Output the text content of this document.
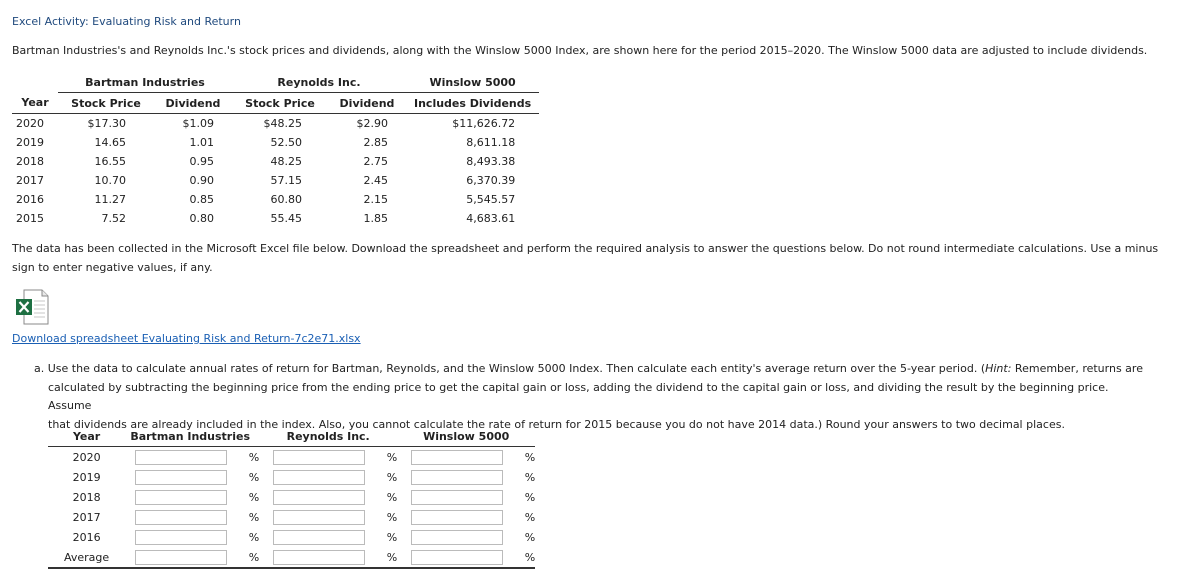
Excel Activity: Evaluating Risk and Return
Bartman Industries's and Reynolds Inc.'s stock prices and dividends, along with the Winslow 5000 Index, are shown here for the period 2015–2020. The Winslow 5000 data are adjusted to include dividends.
	Bartman Industries		Reynolds Inc.		Winslow 5000
Year	Stock Price	Dividend	Stock Price	Dividend	Includes Dividends
2020	$17.30	$1.09	$48.25	$2.90	$11,626.72
2019	14.65	1.01	52.50	2.85	8,611.18
2018	16.55	0.95	48.25	2.75	8,493.38
2017	10.70	0.90	57.15	2.45	6,370.39
2016	11.27	0.85	60.80	2.15	5,545.57
2015	7.52	0.80	55.45	1.85	4,683.61
The data has been collected in the Microsoft Excel file below. Download the spreadsheet and perform the required analysis to answer the questions below. Do not round intermediate calculations. Use a minus
sign to enter negative values, if any.
Download spreadsheet Evaluating Risk and Return-7c2e71.xlsx
a. Use the data to calculate annual rates of return for Bartman, Reynolds, and the Winslow 5000 Index. Then calculate each entity's average return over the 5-year period. (Hint: Remember, returns are
calculated by subtracting the beginning price from the ending price to get the capital gain or loss, adding the dividend to the capital gain or loss, and dividing the result by the beginning price. Assume
that dividends are already included in the index. Also, you cannot calculate the rate of return for 2015 because you do not have 2014 data.) Round your answers to two decimal places.
Year	Bartman Industries	Reynolds Inc.	Winslow 5000
2020	%	%	%
2019	%	%	%
2018	%	%	%
2017	%	%	%
2016	%	%	%
Average	%	%	%
